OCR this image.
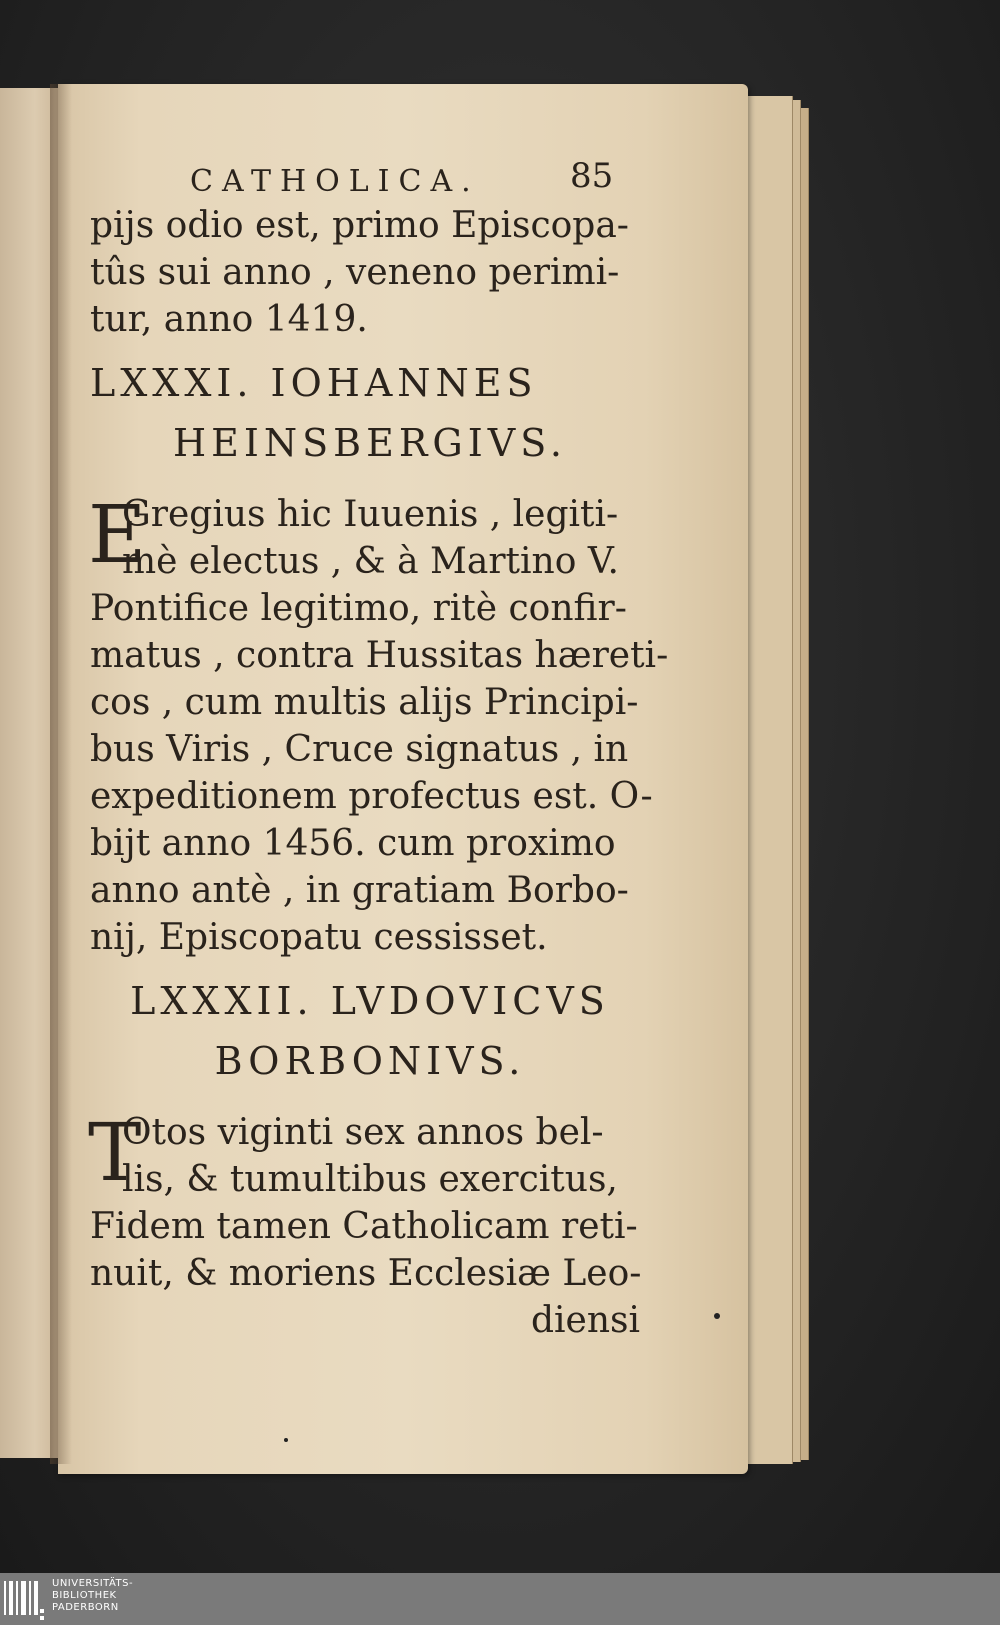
CATHOLICA.	85
pijs odio est, primo Episcopa-
tûs sui anno , veneno perimi-
tur, anno 1419.
LXXXI. IOHANNES
HEINSBERGIVS.
E
Gregius hic Iuuenis , legiti-
mè electus , & à Martino V.
Pontifice legitimo, ritè confir-
matus , contra Hussitas hæreti-
cos , cum multis alijs Principi-
bus Viris , Cruce signatus , in
expeditionem profectus est. O-
bijt anno 1456. cum proximo
anno antè , in gratiam Borbo-
nij, Episcopatu cessisset.
LXXXII. LVDOVICVS
BORBONIVS.
T
Otos viginti sex annos bel-
lis, & tumultibus exercitus,
Fidem tamen Catholicam reti-
nuit, & moriens Ecclesiæ Leo-
diensi
UNIVERSITÄTS-
BIBLIOTHEK
PADERBORN
